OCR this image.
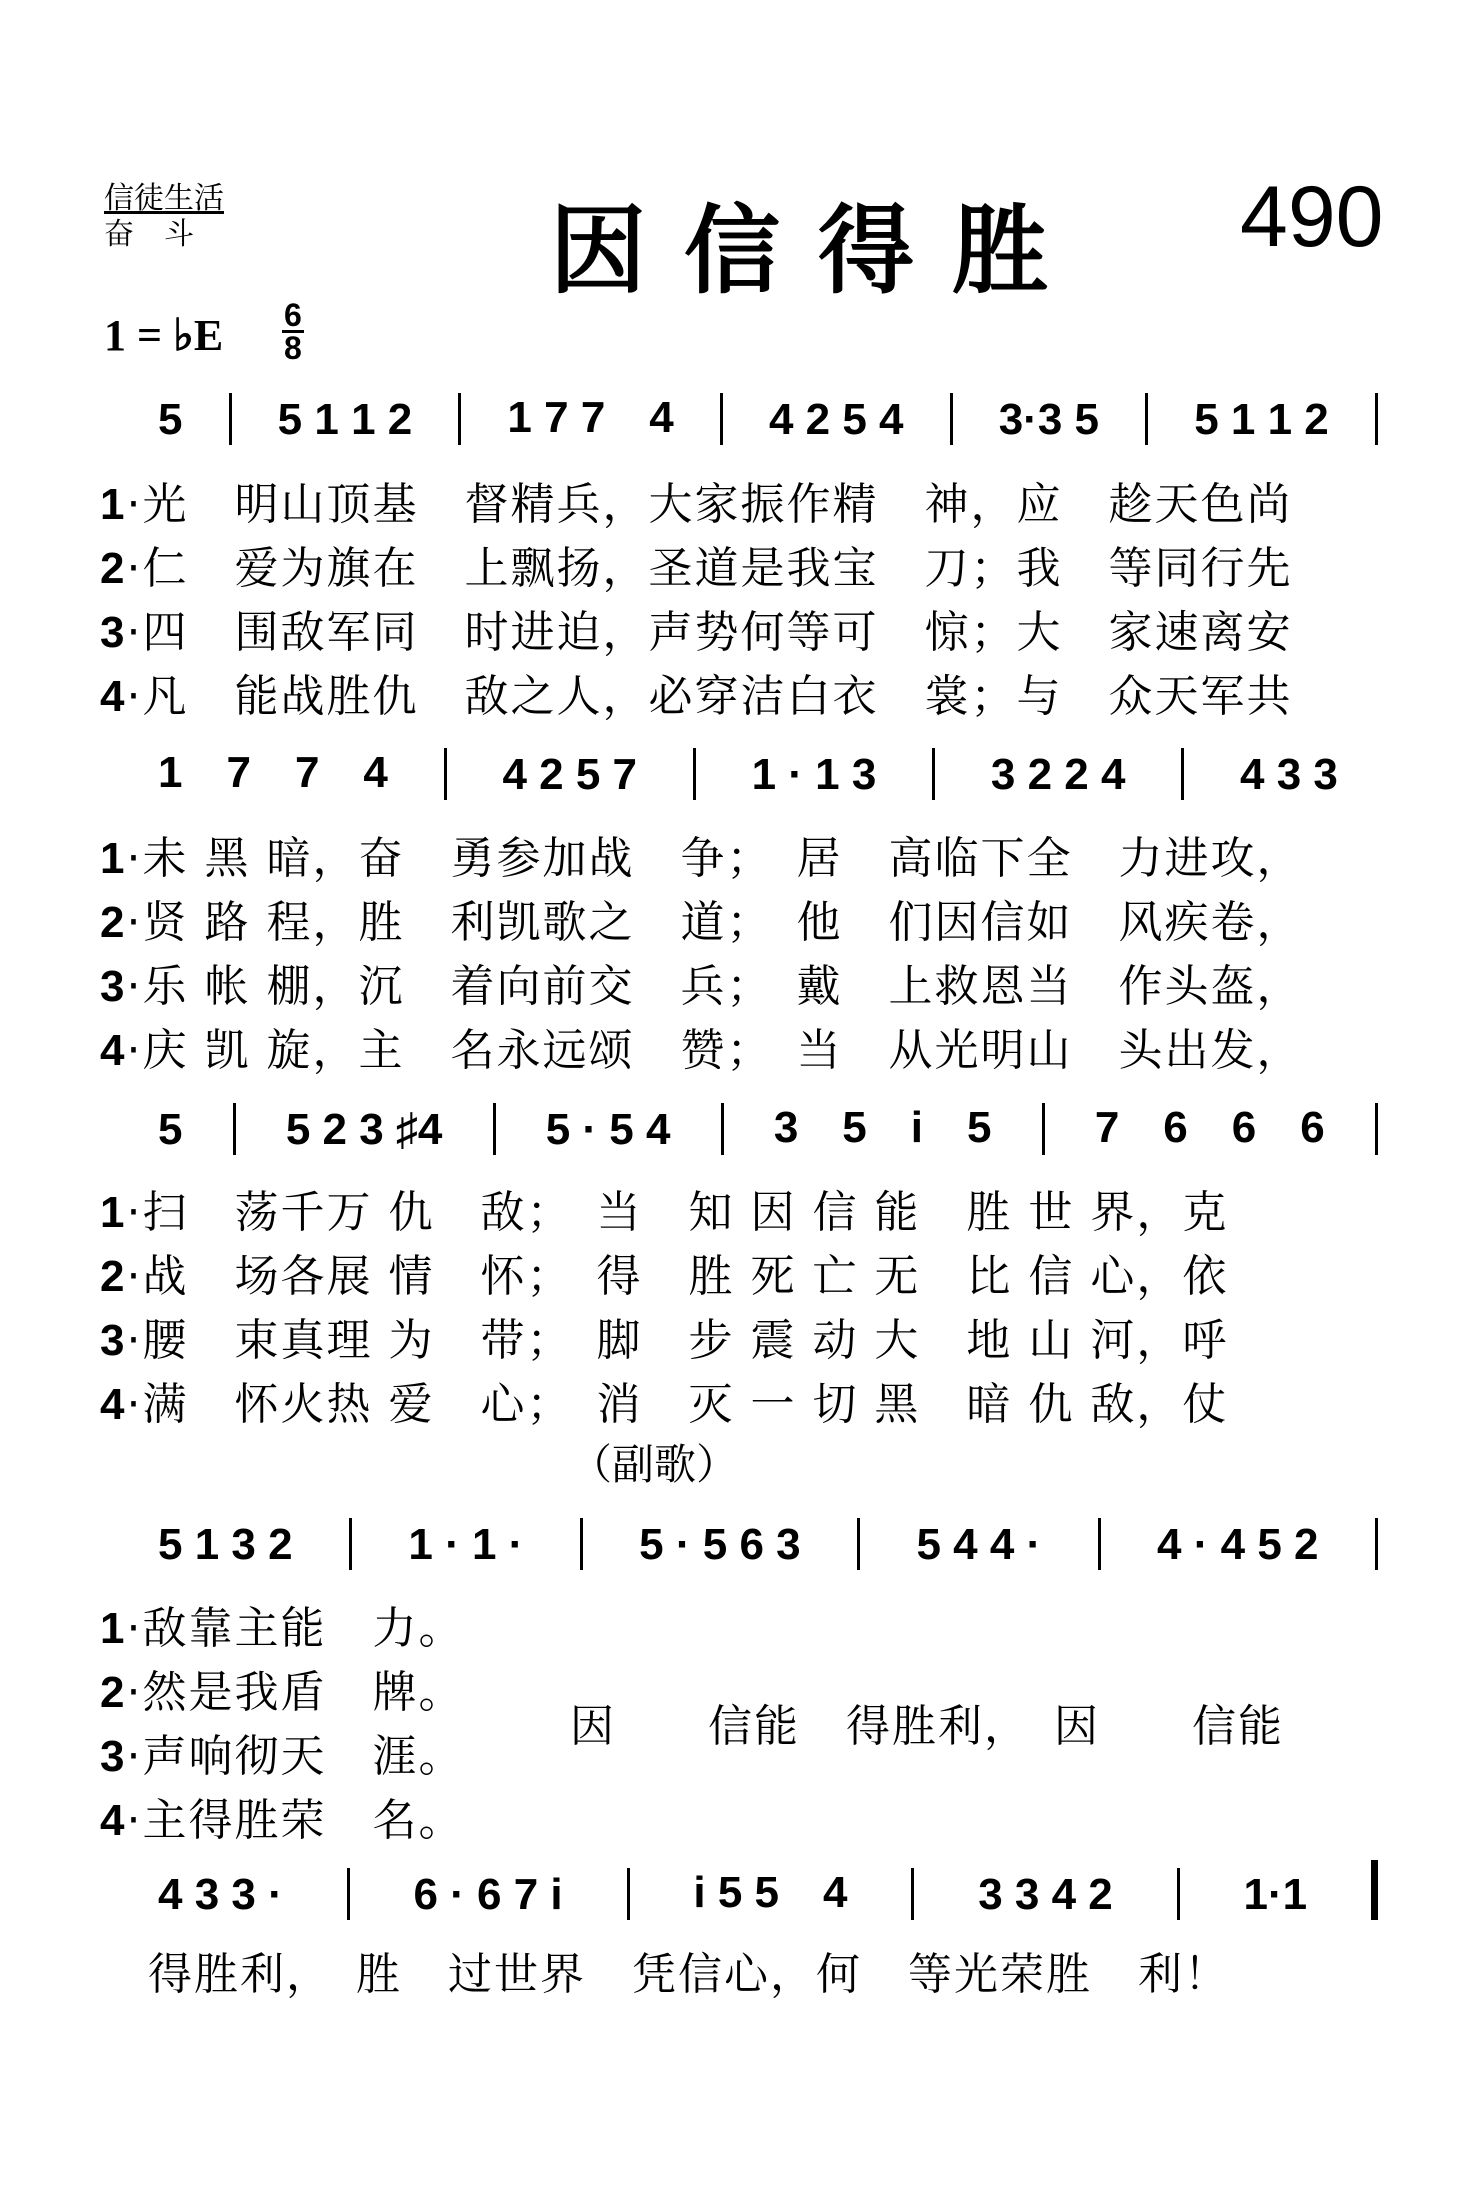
信徒生活
奋　斗	因信得胜 490
1 = ♭E $\frac{6}{8}$
5 5 1 1 2 1 7 7　4 4 2 5 4 3·3 5 5 1 1 2
1·光　明山顶基　督精兵，大家振作精　神，应　趁天色尚
2·仁　爱为旗在　上飘扬，圣道是我宝　刀；我　等同行先
3·四　围敌军同　时进迫，声势何等可　惊；大　家速离安
4·凡　能战胜仇　敌之人，必穿洁白衣　裳；与　众天军共
1　7　7　4	4 2 5 7	1 · 1 3	3 2 2 4	4 3 3
1·未 黑 暗，奋　勇参加战　争；　居　高临下全　力进攻，
2·贤 路 程，胜　利凯歌之　道；　他　们因信如　风疾卷，
3·乐 帐 棚，沉　着向前交　兵；　戴　上救恩当　作头盔，
4·庆 凯 旋，主　名永远颂　赞；　当　从光明山　头出发，
5 5 2 3 ♯4 5 · 5 4 3　5　i　5 7　6　6　6
1·扫　荡千万 仇　敌；　当　知 因 信 能　胜 世 界，克
2·战　场各展 情　怀；　得　胜 死 亡 无　比 信 心，依
3·腰　束真理 为　带；　脚　步 震 动 大　地 山 河，呼
4·满　怀火热 爱　心；　消　灭 一 切 黑　暗 仇 敌，仗
（副歌）
5 1 3 2	1 · 1 ·	5 · 5 6 3	5 4 4 ·	4 · 4 5 2
1·敌靠主能　力。
2·然是我盾　牌。
3·声响彻天　涯。
4·主得胜荣　名。
因　　信能　得胜利，　因　　信能
4 3 3 ·	6 · 6 7 i	i 5 5　4	3 3 4 2	1·1
得胜利，　胜　过世界　凭信心，何　等光荣胜　利！
